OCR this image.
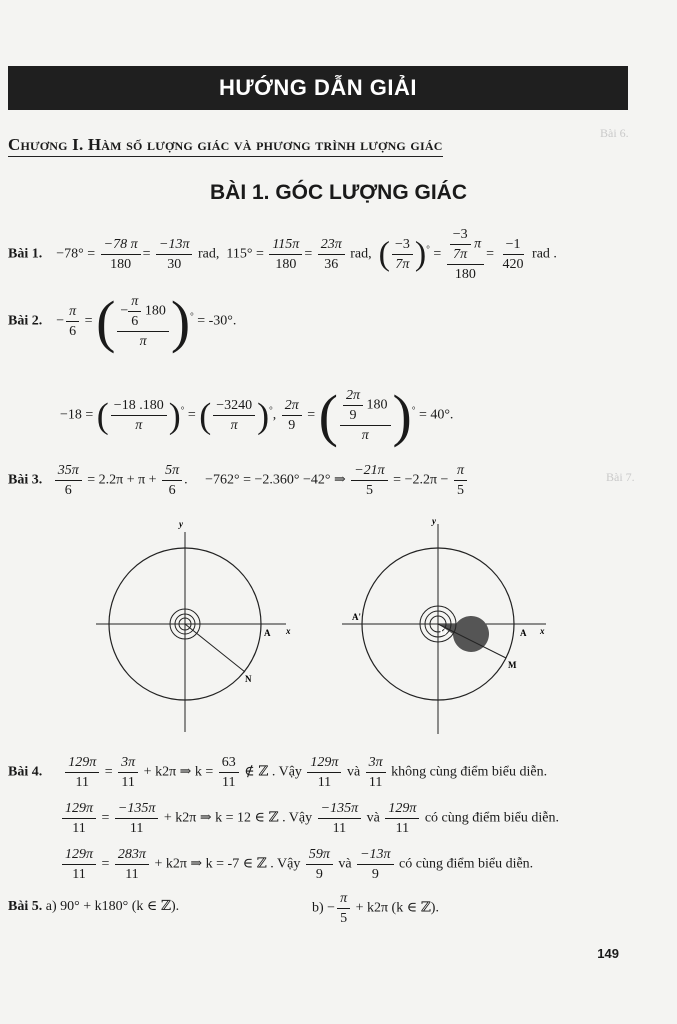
Bài 6.
Bài 7.
HƯỚNG DẪN GIẢI
Chương I. Hàm số lượng giác và phương trình lượng giác
BÀI 1. GÓC LƯỢNG GIÁC
Bài 1. $-78^\circ = \frac{-78 \pi}{180} = \frac{-13\pi}{30}$ rad, $115^\circ = \frac{115\pi}{180} = \frac{23\pi}{36}$ rad, ( $\frac{-3}{7\pi} )^\circ = \frac{\frac{-3}{7\pi} \pi}{180} = \frac{-1}{420}$ rad .
Bài 2. − $\frac{\pi}{6}$ = ( $\frac{- \frac{\pi}{6} 180}{\pi} )^\circ = -30^\circ$.
−18 = ( $\frac{-18 .180}{\pi} )^\circ$ = ( $\frac{-3240}{\pi} )^\circ$, $\frac{2\pi}{9}$ = ( $\frac{\frac{2\pi}{9} 180}{\pi} )^\circ = 40^\circ$.
Bài 3. $\frac{35\pi}{6} = 2.2\pi + \pi + \frac{5\pi}{6}$ .     −762° = −2.360° −42° ⇒ $\frac{-21\pi}{5} = -2.2\pi - \frac{\pi}{5}$
y
x
A
N
y
x
A
A'
O
M
Bài 4. $\frac{129\pi}{11} = \frac{3\pi}{11} + k2\pi$ ⇒ $k = \frac{63}{11}$ ∉ ℤ . Vậy $\frac{129\pi}{11}$ và $\frac{3\pi}{11}$ không cùng điểm biểu diễn.
$\frac{129\pi}{11} = \frac{-135\pi}{11} + k2\pi$ ⇒ k = 12 ∈ ℤ . Vậy $\frac{-135\pi}{11}$ và $\frac{129\pi}{11}$ có cùng điểm biểu diễn.
$\frac{129\pi}{11} = \frac{283\pi}{11} + k2\pi$ ⇒ k = -7 ∈ ℤ . Vậy $\frac{59\pi}{9}$ và $\frac{-13\pi}{9}$ có cùng điểm biểu diễn.
Bài 5. a) 90° + k180° (k ∈ ℤ).	$b) - \frac{\pi}{5} + k2\pi$ (k ∈ ℤ).
149
